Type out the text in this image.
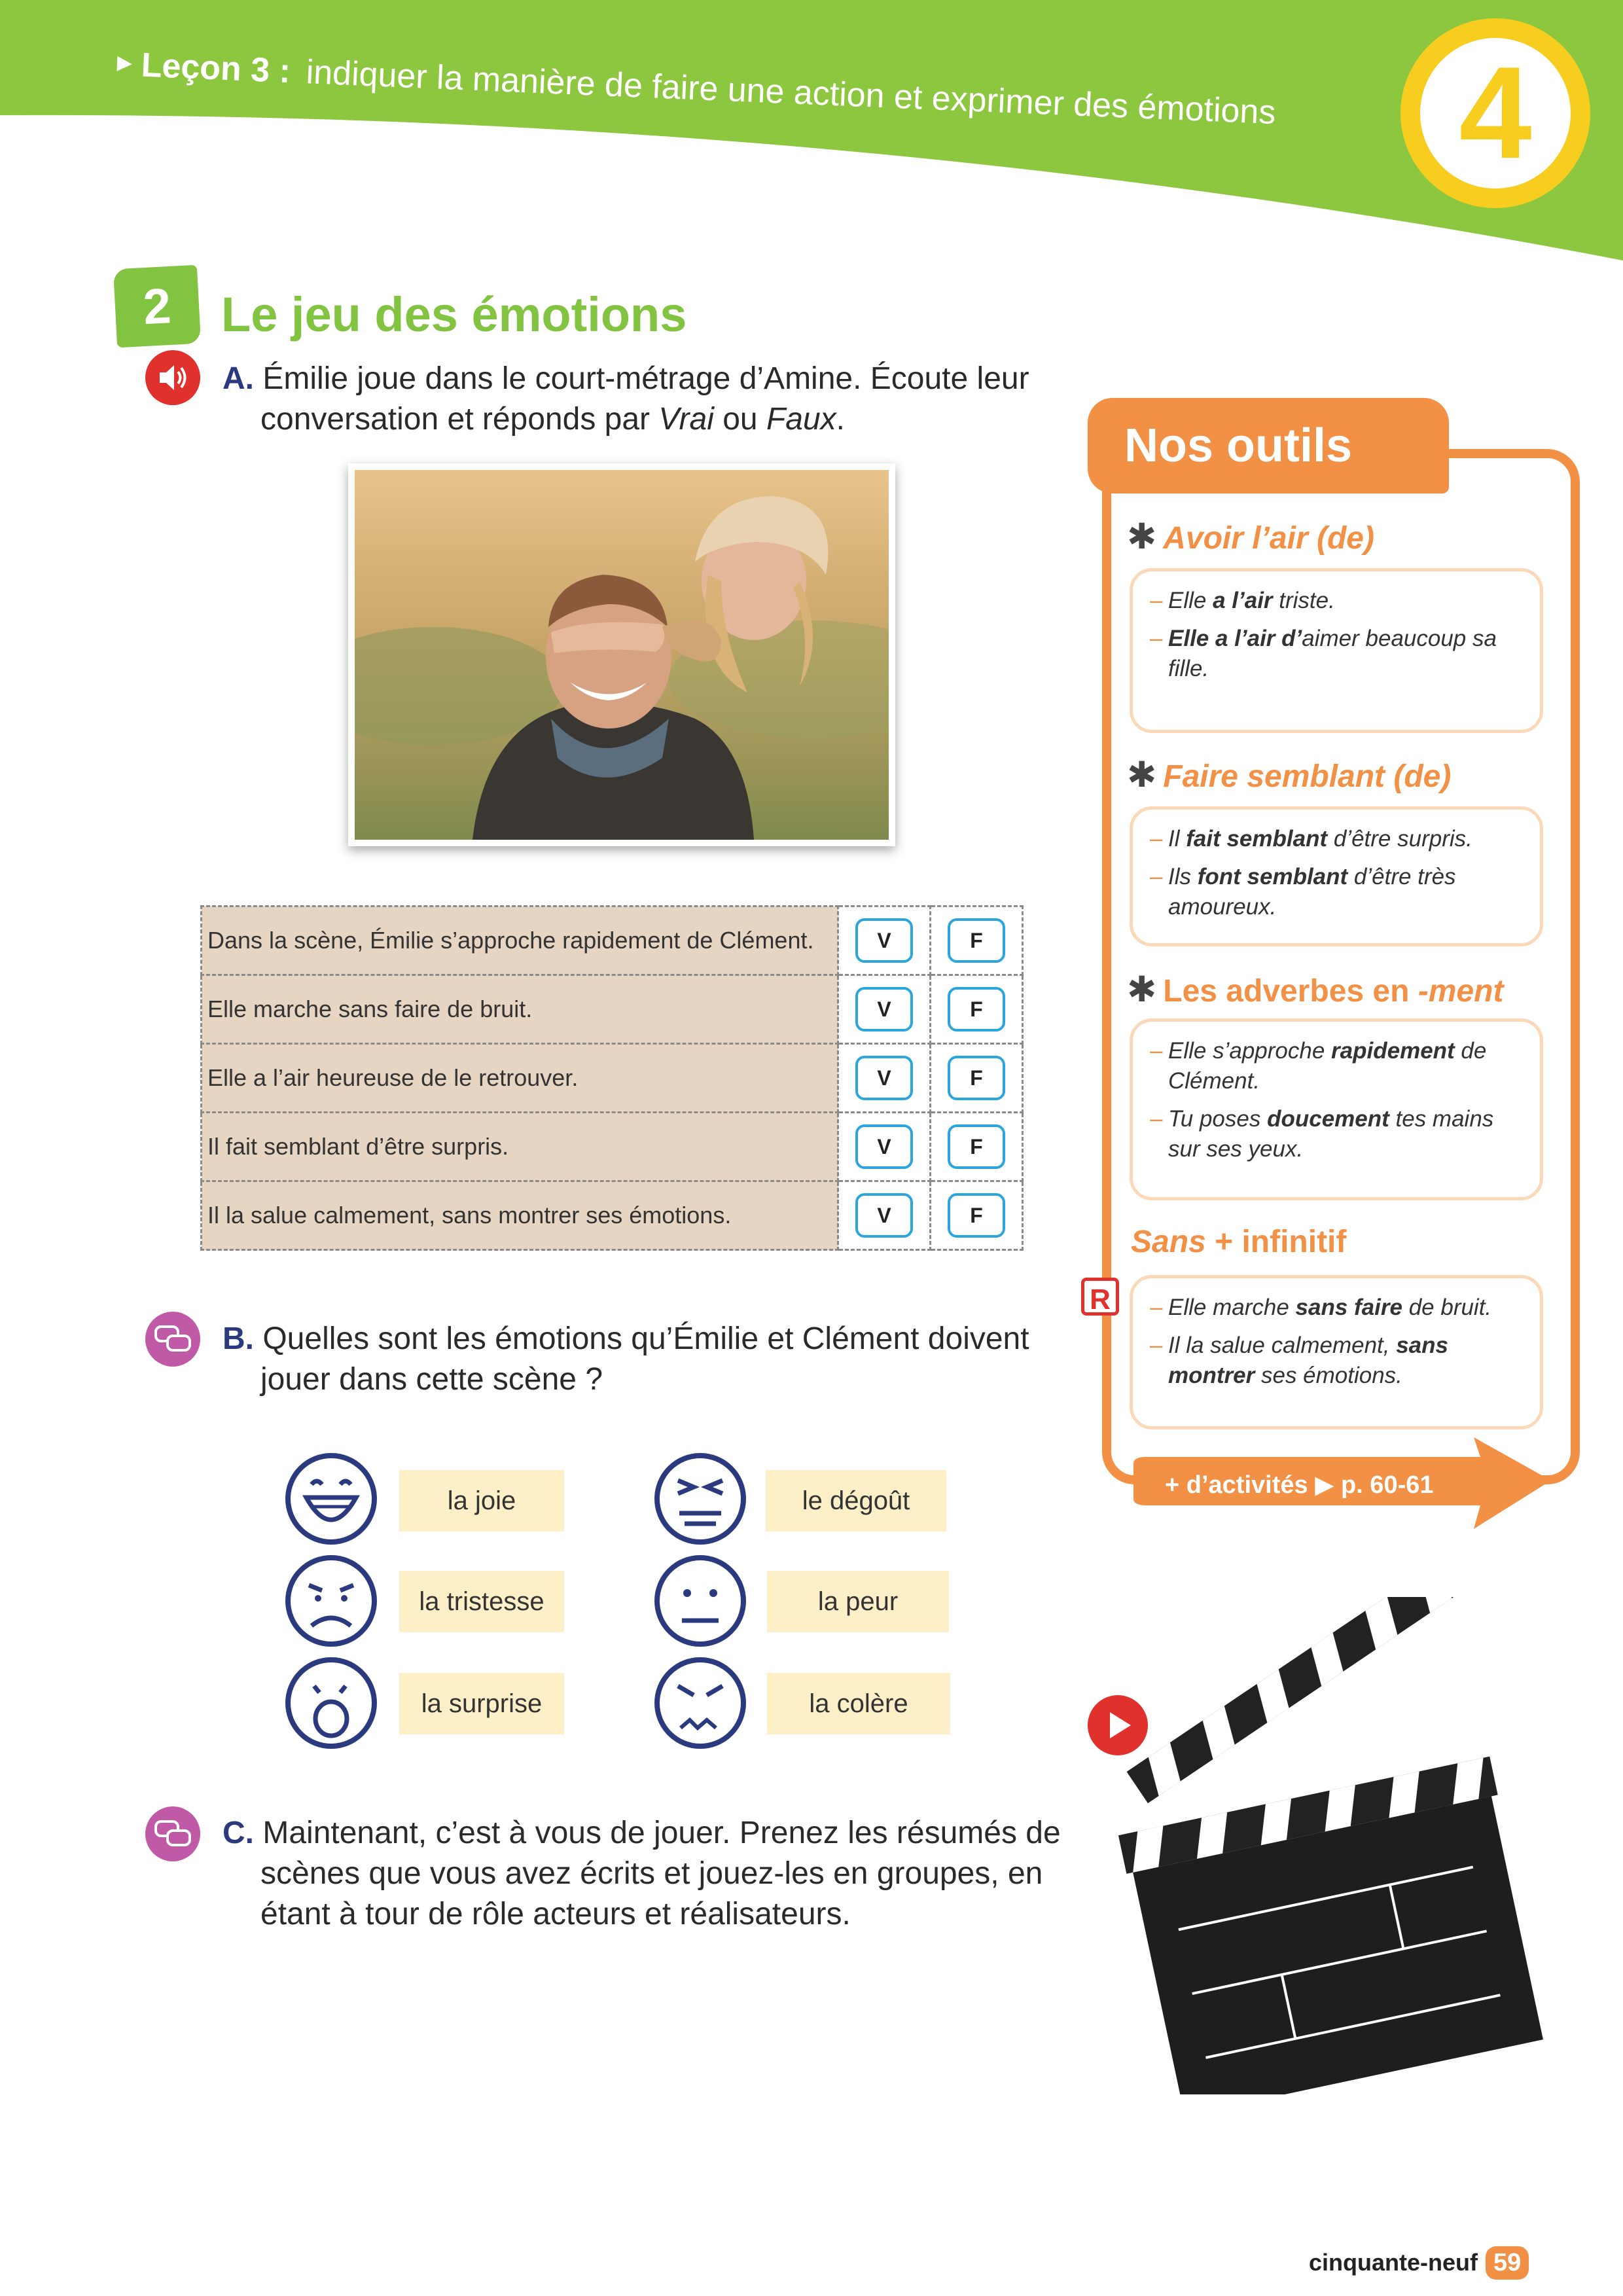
▶ Leçon 3 : indiquer la manière de faire une action et exprimer des émotions 4
2	Le jeu des émotions
A. Émilie joue dans le court-métrage d’Amine. Écoute leur
conversation et réponds par Vrai ou Faux.
Dans la scène, Émilie s’approche rapidement de Clément.	V	F
Elle marche sans faire de bruit.	V	F
Elle a l’air heureuse de le retrouver.	V	F
Il fait semblant d’être surpris.	V	F
Il la salue calmement, sans montrer ses émotions.	V	F
B. Quelles sont les émotions qu’Émilie et Clément doivent
jouer dans cette scène ?
la joie
la tristesse
la surprise
le dégoût
la peur
la colère
C. Maintenant, c’est à vous de jouer. Prenez les résumés de
scènes que vous avez écrits et jouez-les en groupes, en
étant à tour de rôle acteurs et réalisateurs.
Nos outils
✱ Avoir l’air (de)
– Elle a l’air triste.
– Elle a l’air d’aimer beaucoup sa fille.
✱ Faire semblant (de)
– Il fait semblant d’être surpris.
– Ils font semblant d’être très amoureux.
✱ Les adverbes en -ment
– Elle s’approche rapidement de Clément.
– Tu poses doucement tes mains sur ses yeux.
Sans + infinitif
R	– Elle marche sans faire de bruit.
– Il la salue calmement, sans montrer ses émotions.
+ d’activités ▶ p. 60-61
cinquante-neuf 59
